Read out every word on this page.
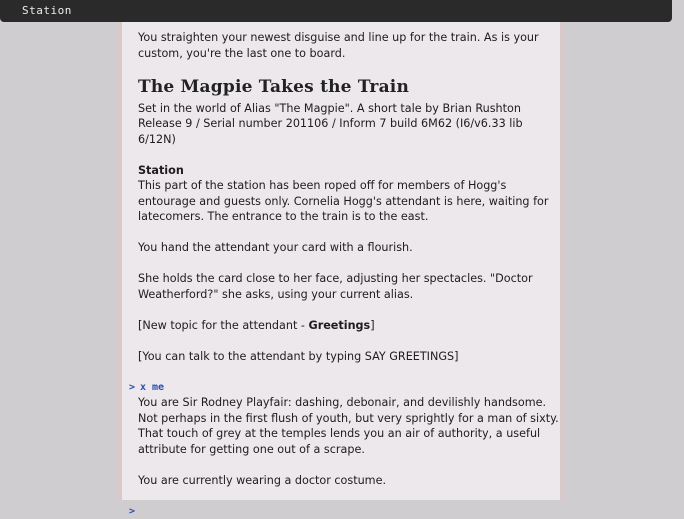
Station

You straighten your newest disguise and line up for the train. As is your custom, you're the last one to board.

The Magpie Takes the Train

Set in the world of Alias "The Magpie". A short tale by Brian Rushton
Release 9 / Serial number 201106 / Inform 7 build 6M62 (I6/v6.33 lib 6/12N)

Station
This part of the station has been roped off for members of Hogg's entourage and guests only. Cornelia Hogg's attendant is here, waiting for latecomers. The entrance to the train is to the east.

You hand the attendant your card with a flourish.

She holds the card close to her face, adjusting her spectacles. "Doctor Weatherford?" she asks, using your current alias.

[New topic for the attendant - Greetings]

[You can talk to the attendant by typing SAY GREETINGS]

> x me

You are Sir Rodney Playfair: dashing, debonair, and devilishly handsome. Not perhaps in the first flush of youth, but very sprightly for a man of sixty. That touch of grey at the temples lends you an air of authority, a useful attribute for getting one out of a scrape.

You are currently wearing a doctor costume.

>
